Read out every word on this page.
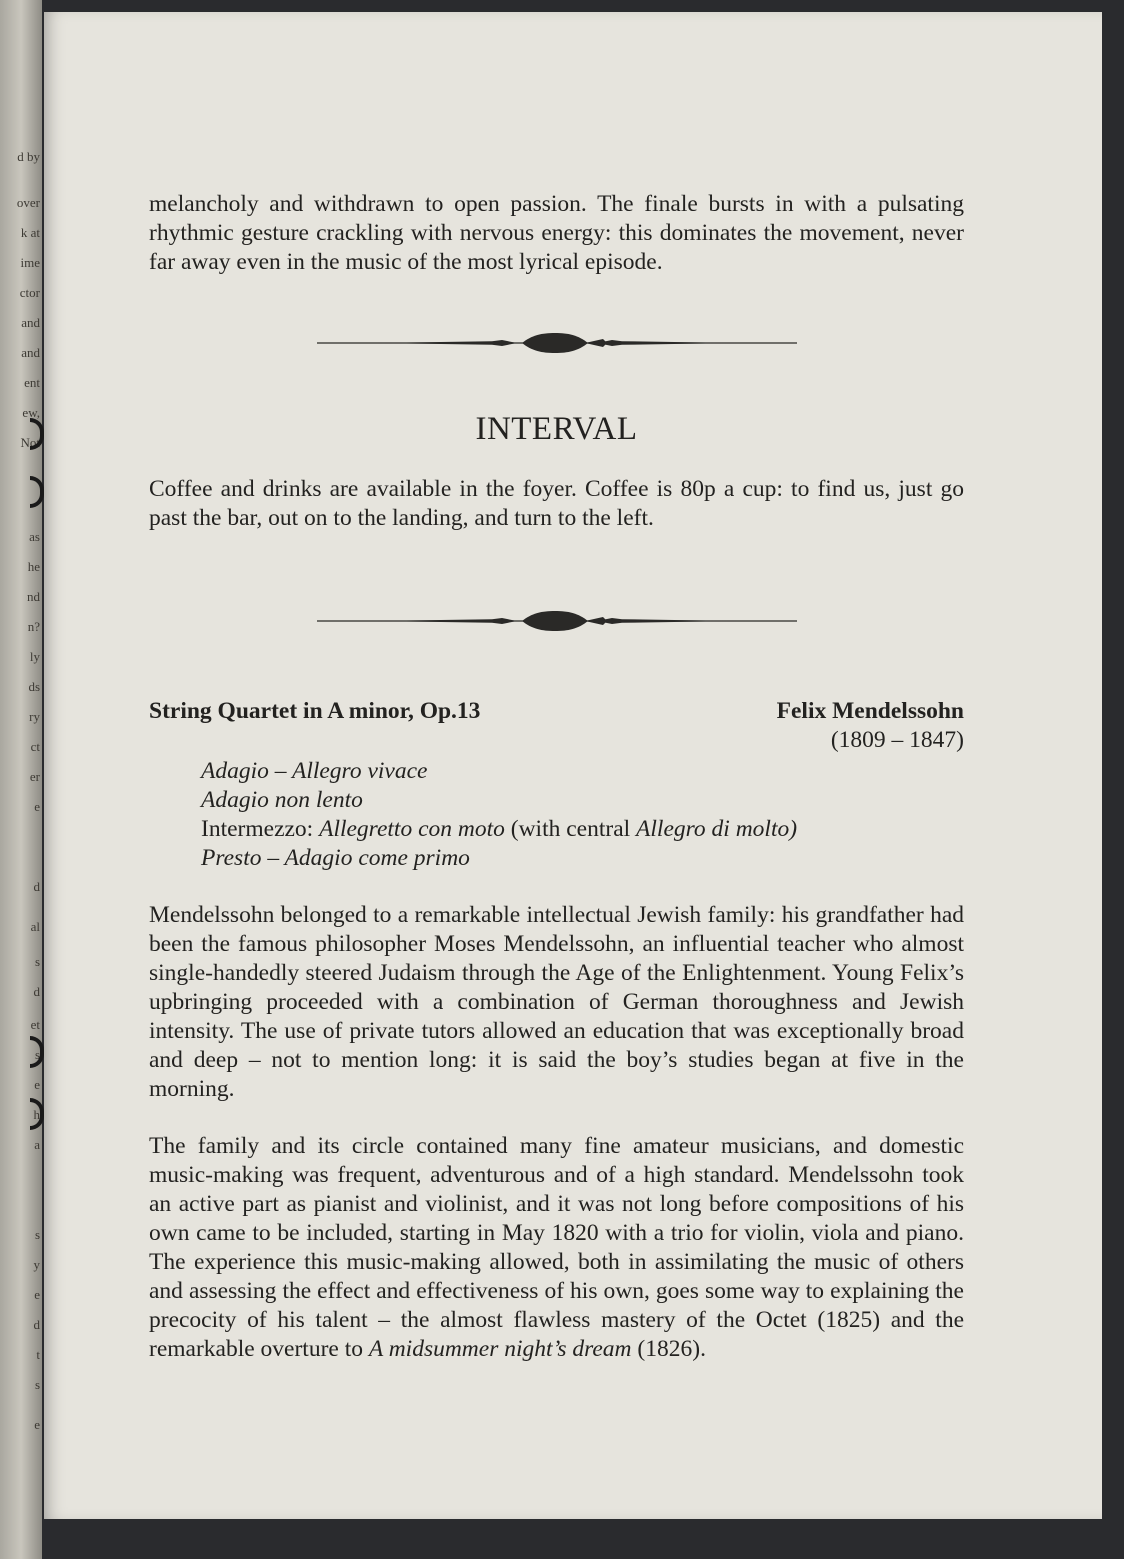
d by
over
k at
ime
ctor
and
and
ent
ew,
Not
as
he
nd
n?
ly
ds
ry
ct
er
e
d
al
s
d
et
s
e
h
a
s
y
e
d
t
s
e

melancholy and withdrawn to open passion. The finale bursts in with a pulsating rhythmic gesture crackling with nervous energy: this dominates the movement, never far away even in the music of the most lyrical episode.

INTERVAL

Coffee and drinks are available in the foyer. Coffee is 80p a cup: to find us, just go past the bar, out on to the landing, and turn to the left.

String Quartet in A minor, Op.13	Felix Mendelssohn

(1809 – 1847)

Adagio – Allegro vivace
Adagio non lento
Intermezzo: Allegretto con moto (with central Allegro di molto)
Presto – Adagio come primo

Mendelssohn belonged to a remarkable intellectual Jewish family: his grandfather had been the famous philosopher Moses Mendelssohn, an influential teacher who almost single-handedly steered Judaism through the Age of the Enlightenment. Young Felix’s upbringing proceeded with a combination of German thoroughness and Jewish intensity. The use of private tutors allowed an education that was exceptionally broad and deep – not to mention long: it is said the boy’s studies began at five in the morning.

The family and its circle contained many fine amateur musicians, and domestic music-making was frequent, adventurous and of a high standard. Mendelssohn took an active part as pianist and violinist, and it was not long before compositions of his own came to be included, starting in May 1820 with a trio for violin, viola and piano. The experience this music-making allowed, both in assimilating the music of others and assessing the effect and effectiveness of his own, goes some way to explaining the precocity of his talent – the almost flawless mastery of the Octet (1825) and the remarkable overture to A midsummer night’s dream (1826).
